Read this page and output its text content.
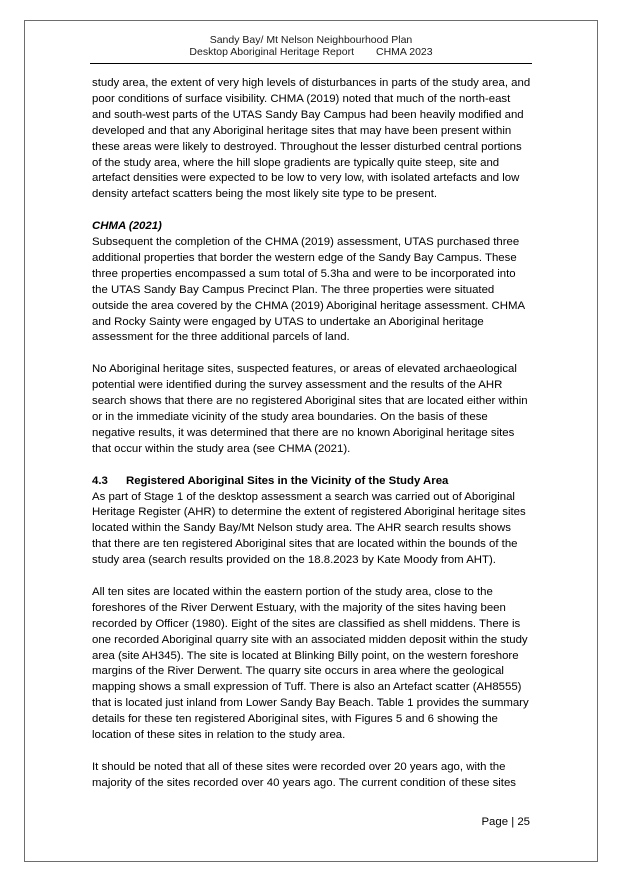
Sandy Bay/ Mt Nelson Neighbourhood Plan
Desktop Aboriginal Heritage Report CHMA 2023

study area, the extent of very high levels of disturbances in parts of the study area, and poor conditions of surface visibility. CHMA (2019) noted that much of the north-east and south-west parts of the UTAS Sandy Bay Campus had been heavily modified and developed and that any Aboriginal heritage sites that may have been present within these areas were likely to destroyed. Throughout the lesser disturbed central portions of the study area, where the hill slope gradients are typically quite steep, site and artefact densities were expected to be low to very low, with isolated artefacts and low density artefact scatters being the most likely site type to be present.

CHMA (2021)

Subsequent the completion of the CHMA (2019) assessment, UTAS purchased three additional properties that border the western edge of the Sandy Bay Campus. These three properties encompassed a sum total of 5.3ha and were to be incorporated into the UTAS Sandy Bay Campus Precinct Plan. The three properties were situated outside the area covered by the CHMA (2019) Aboriginal heritage assessment. CHMA and Rocky Sainty were engaged by UTAS to undertake an Aboriginal heritage assessment for the three additional parcels of land.

No Aboriginal heritage sites, suspected features, or areas of elevated archaeological potential were identified during the survey assessment and the results of the AHR search shows that there are no registered Aboriginal sites that are located either within or in the immediate vicinity of the study area boundaries. On the basis of these negative results, it was determined that there are no known Aboriginal heritage sites that occur within the study area (see CHMA (2021).

4.3 Registered Aboriginal Sites in the Vicinity of the Study Area

As part of Stage 1 of the desktop assessment a search was carried out of Aboriginal Heritage Register (AHR) to determine the extent of registered Aboriginal heritage sites located within the Sandy Bay/Mt Nelson study area. The AHR search results shows that there are ten registered Aboriginal sites that are located within the bounds of the study area (search results provided on the 18.8.2023 by Kate Moody from AHT).

All ten sites are located within the eastern portion of the study area, close to the foreshores of the River Derwent Estuary, with the majority of the sites having been recorded by Officer (1980). Eight of the sites are classified as shell middens. There is one recorded Aboriginal quarry site with an associated midden deposit within the study area (site AH345). The site is located at Blinking Billy point, on the western foreshore margins of the River Derwent. The quarry site occurs in area where the geological mapping shows a small expression of Tuff. There is also an Artefact scatter (AH8555) that is located just inland from Lower Sandy Bay Beach. Table 1 provides the summary details for these ten registered Aboriginal sites, with Figures 5 and 6 showing the location of these sites in relation to the study area.

It should be noted that all of these sites were recorded over 20 years ago, with the majority of the sites recorded over 40 years ago. The current condition of these sites

Page | 25
